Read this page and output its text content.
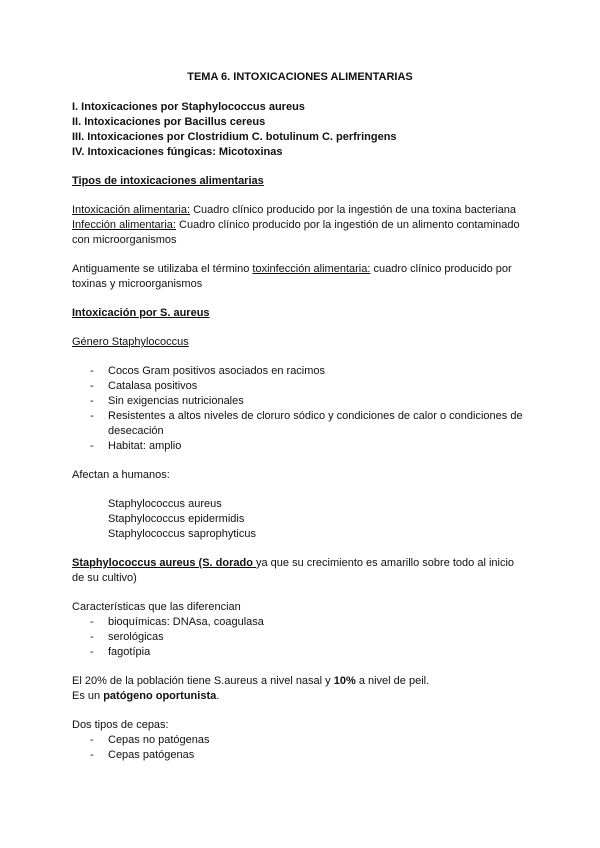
TEMA 6. INTOXICACIONES ALIMENTARIAS
I. Intoxicaciones por Staphylococcus aureus
II. Intoxicaciones por Bacillus cereus
III. Intoxicaciones por Clostridium C. botulinum C. perfringens
IV. Intoxicaciones fúngicas: Micotoxinas
Tipos de intoxicaciones alimentarias
Intoxicación alimentaria: Cuadro clínico producido por la ingestión de una toxina bacteriana
Infección alimentaria: Cuadro clínico producido por la ingestión de un alimento contaminado
con microorganismos
Antiguamente se utilizaba el término toxinfección alimentaria: cuadro clínico producido por
toxinas y microorganismos
Intoxicación por S. aureus
Género Staphylococcus
- Cocos Gram positivos asociados en racimos
- Catalasa positivos
- Sin exigencias nutricionales
- Resistentes a altos niveles de cloruro sódico y condiciones de calor o condiciones de
desecación
- Habitat: amplio
Afectan a humanos:
Staphylococcus aureus
Staphylococcus epidermidis
Staphylococcus saprophyticus
Staphylococcus aureus (S. dorado ya que su crecimiento es amarillo sobre todo al inicio
de su cultivo)
Características que las diferencian
- bioquímicas: DNAsa, coagulasa
- serológicas
- fagotípia
El 20% de la población tiene S.aureus a nivel nasal y 10% a nivel de peil.
Es un patógeno oportunista.
Dos tipos de cepas:
- Cepas no patógenas
- Cepas patógenas
